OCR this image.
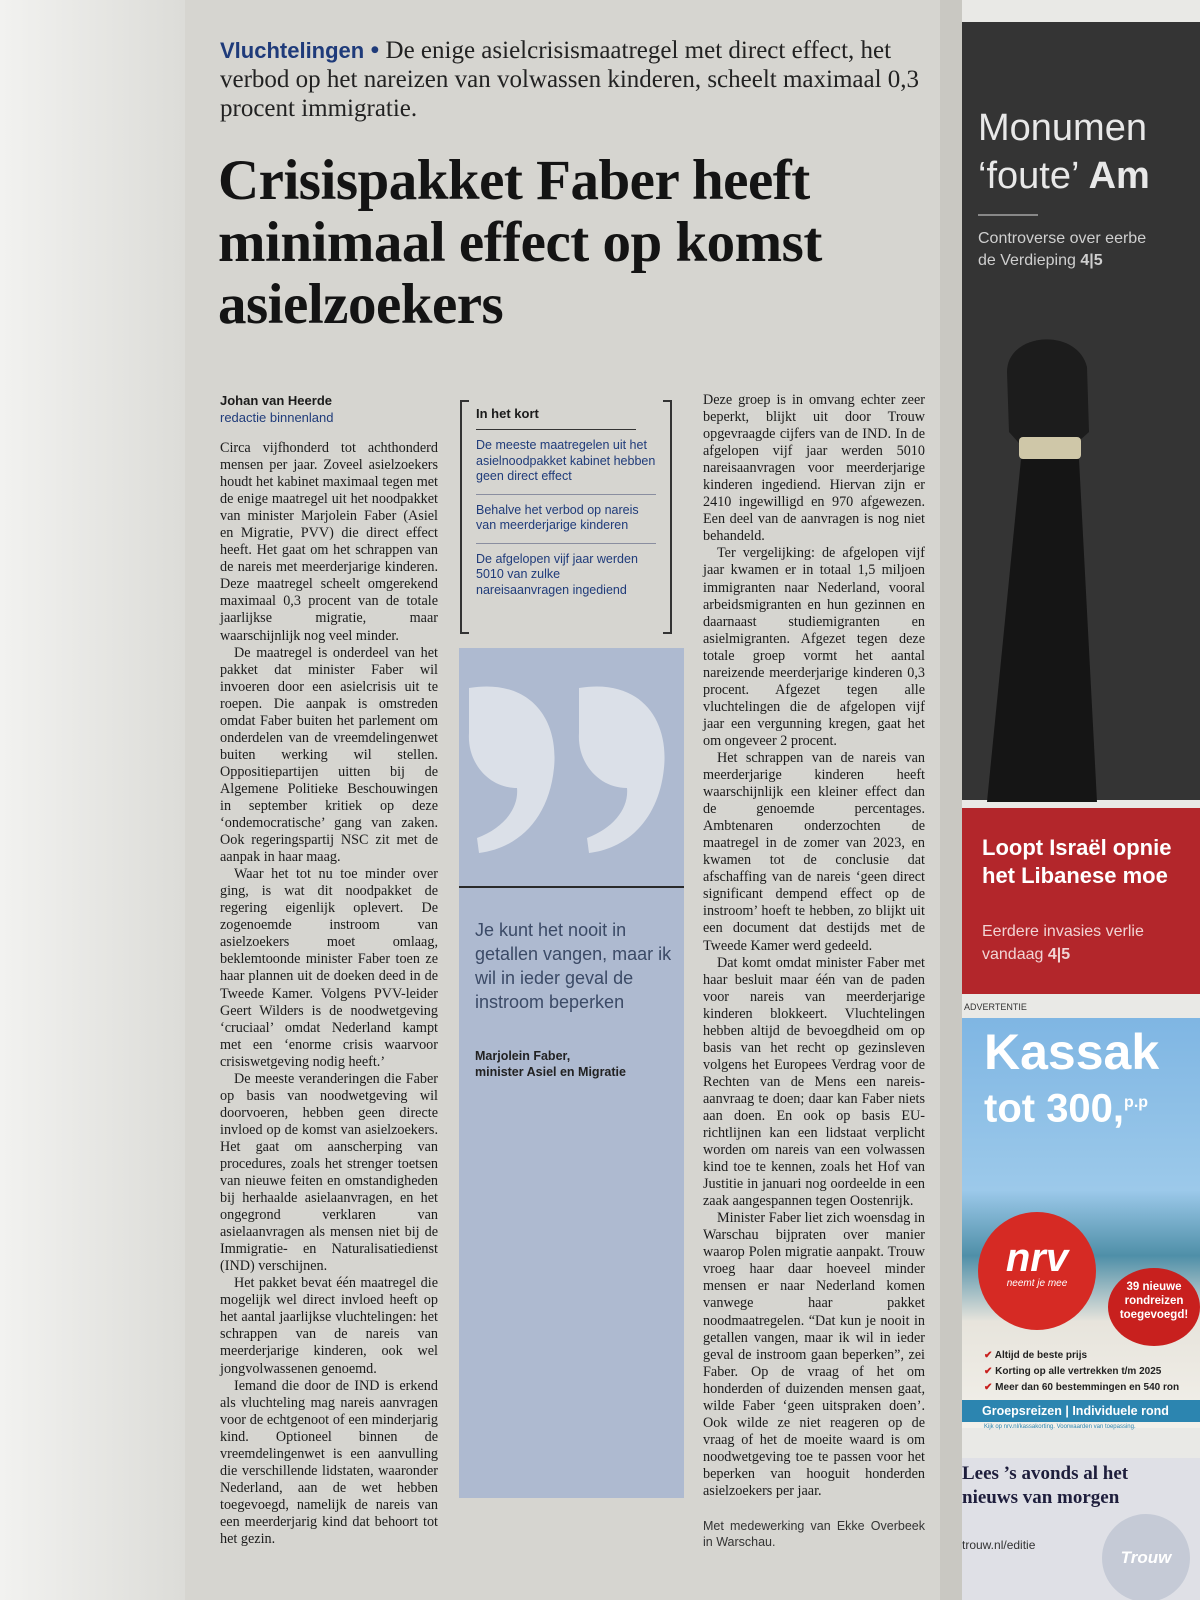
Vluchtelingen • De enige asielcrisismaatregel met direct effect, het verbod op het nareizen van volwassen kinderen, scheelt maximaal 0,3 procent immigratie.
Crisispakket Faber heeft minimaal effect op komst asielzoekers
Johan van Heerde
redactie binnenland

Circa vijfhonderd tot achthonderd mensen per jaar. Zoveel asielzoekers houdt het kabinet maximaal tegen met de enige maatregel uit het noodpakket van minister Marjolein Faber (Asiel en Migratie, PVV) die direct effect heeft. Het gaat om het schrappen van de nareis met meerderjarige kinderen. Deze maatregel scheelt omgerekend maximaal 0,3 procent van de totale jaarlijkse migratie, maar waarschijnlijk nog veel minder.

De maatregel is onderdeel van het pakket dat minister Faber wil invoeren door een asielcrisis uit te roepen. Die aanpak is omstreden omdat Faber buiten het parlement om onderdelen van de vreemdelingenwet buiten werking wil stellen. Oppositiepartijen uitten bij de Algemene Politieke Beschouwingen in september kritiek op deze ‘ondemocratische’ gang van zaken. Ook regeringspartij NSC zit met de aanpak in haar maag.

Waar het tot nu toe minder over ging, is wat dit noodpakket de regering eigenlijk oplevert. De zogenoemde instroom van asielzoekers moet omlaag, beklemtoonde minister Faber toen ze haar plannen uit de doeken deed in de Tweede Kamer. Volgens PVV-leider Geert Wilders is de noodwetgeving ‘cruciaal’ omdat Nederland kampt met een ‘enorme crisis waarvoor crisiswetgeving nodig heeft.’

De meeste veranderingen die Faber op basis van noodwetgeving wil doorvoeren, hebben geen directe invloed op de komst van asielzoekers. Het gaat om aanscherping van procedures, zoals het strenger toetsen van nieuwe feiten en omstandigheden bij herhaalde asielaanvragen, en het ongegrond verklaren van asielaanvragen als mensen niet bij de Immigratie- en Naturalisatiedienst (IND) verschijnen.

Het pakket bevat één maatregel die mogelijk wel direct invloed heeft op het aantal jaarlijkse vluchtelingen: het schrappen van de nareis van meerderjarige kinderen, ook wel jongvolwassenen genoemd.

Iemand die door de IND is erkend als vluchteling mag nareis aanvragen voor de echtgenoot of een minderjarig kind. Optioneel binnen de vreemdelingenwet is een aanvulling die verschillende lidstaten, waaronder Nederland, aan de wet hebben toegevoegd, namelijk de nareis van een meerderjarig kind dat behoort tot het gezin.

In het kort
De meeste maatregelen uit het asielnoodpakket kabinet hebben geen direct effect
Behalve het verbod op nareis van meerderjarige kinderen
De afgelopen vijf jaar werden 5010 van zulke nareisaanvragen ingediend
Je kunt het nooit in getallen vangen, maar ik wil in ieder geval de instroom beperken
Marjolein Faber,
minister Asiel en Migratie

Deze groep is in omvang echter zeer beperkt, blijkt uit door Trouw opgevraagde cijfers van de IND. In de afgelopen vijf jaar werden 5010 nareisaanvragen voor meerderjarige kinderen ingediend. Hiervan zijn er 2410 ingewilligd en 970 afgewezen. Een deel van de aanvragen is nog niet behandeld.

Ter vergelijking: de afgelopen vijf jaar kwamen er in totaal 1,5 miljoen immigranten naar Nederland, vooral arbeidsmigranten en hun gezinnen en daarnaast studiemigranten en asielmigranten. Afgezet tegen deze totale groep vormt het aantal nareizende meerderjarige kinderen 0,3 procent. Afgezet tegen alle vluchtelingen die de afgelopen vijf jaar een vergunning kregen, gaat het om ongeveer 2 procent.

Het schrappen van de nareis van meerderjarige kinderen heeft waarschijnlijk een kleiner effect dan de genoemde percentages. Ambtenaren onderzochten de maatregel in de zomer van 2023, en kwamen tot de conclusie dat afschaffing van de nareis ‘geen direct significant dempend effect op de instroom’ hoeft te hebben, zo blijkt uit een document dat destijds met de Tweede Kamer werd gedeeld.

Dat komt omdat minister Faber met haar besluit maar één van de paden voor nareis van meerderjarige kinderen blokkeert. Vluchtelingen hebben altijd de bevoegdheid om op basis van het recht op gezinsleven volgens het Europees Verdrag voor de Rechten van de Mens een nareis-aanvraag te doen; daar kan Faber niets aan doen. En ook op basis EU-richtlijnen kan een lidstaat verplicht worden om nareis van een volwassen kind toe te kennen, zoals het Hof van Justitie in januari nog oordeelde in een zaak aangespannen tegen Oostenrijk.

Minister Faber liet zich woensdag in Warschau bijpraten over manier waarop Polen migratie aanpakt. Trouw vroeg haar daar hoeveel minder mensen er naar Nederland komen vanwege haar pakket noodmaatregelen. “Dat kun je nooit in getallen vangen, maar ik wil in ieder geval de instroom gaan beperken”, zei Faber. Op de vraag of het om honderden of duizenden mensen gaat, wilde Faber ‘geen uitspraken doen’. Ook wilde ze niet reageren op de vraag of het de moeite waard is om noodwetgeving toe te passen voor het beperken van hooguit honderden asielzoekers per jaar.

Met medewerking van Ekke Overbeek in Warschau.
Monumen
‘foute’ Am
Controverse over eerbe
de Verdieping 4|5
Loopt Israël opnie
het Libanese moe
Eerdere invasies verlie
vandaag 4|5
ADVERTENTIE
Kassak
tot 300,$^{p.p}$
nrv
neemt je mee	39 nieuwe rondreizen toegevoegd!
✔ Altijd de beste prijs
✔ Korting op alle vertrekken t/m 2025
✔ Meer dan 60 bestemmingen en 540 ron
Groepsreizen | Individuele rond
Kijk op nrv.nl/kassakorting. Voorwaarden van toepassing.
Lees ’s avonds al het
nieuws van morgen
trouw.nl/editie
Trouw
